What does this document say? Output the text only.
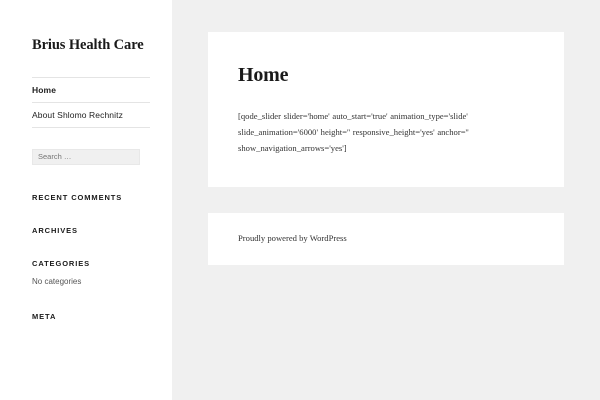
Brius Health Care
Home
About Shlomo Rechnitz
Search …
RECENT COMMENTS
ARCHIVES
CATEGORIES
No categories
META
Home
[qode_slider slider='home' auto_start='true' animation_type='slide' slide_animation='6000' height='' responsive_height='yes' anchor='' show_navigation_arrows='yes']
Proudly powered by WordPress
